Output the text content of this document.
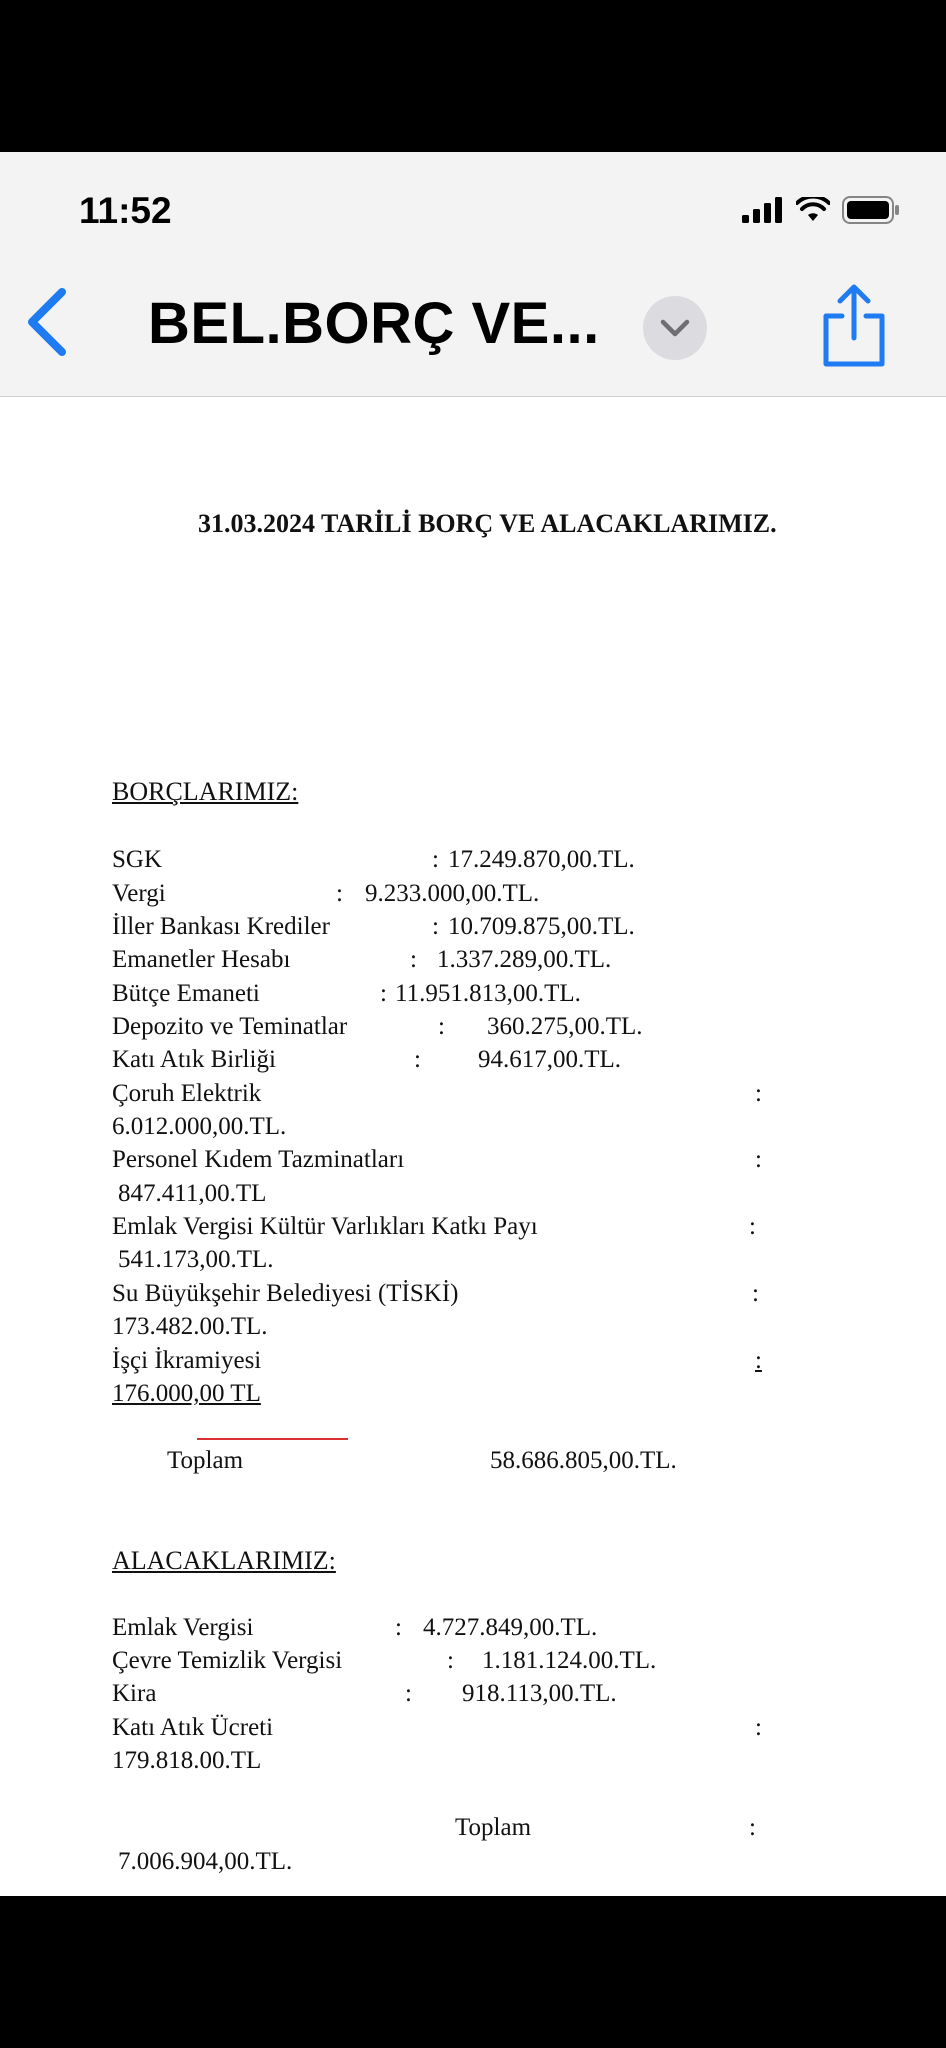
11:52
BEL.BORÇ VE...
31.03.2024 TARİLİ BORÇ VE ALACAKLARIMIZ.
BORÇLARIMIZ:
SGK	: 17.249.870,00.TL.
Vergi	: 9.233.000,00.TL.
İller Bankası Krediler	: 10.709.875,00.TL.
Emanetler Hesabı	: 1.337.289,00.TL.
Bütçe Emaneti	: 11.951.813,00.TL.
Depozito ve Teminatlar	: 360.275,00.TL.
Katı Atık Birliği	: 94.617,00.TL.
Çoruh Elektrik	:
6.012.000,00.TL.
Personel Kıdem Tazminatları	:
847.411,00.TL
Emlak Vergisi Kültür Varlıkları Katkı Payı	:
541.173,00.TL.
Su Büyükşehir Belediyesi (TİSKİ)	:
173.482.00.TL.
İşçi İkramiyesi	:
176.000,00 TL
Toplam	58.686.805,00.TL.
ALACAKLARIMIZ:
Emlak Vergisi	: 4.727.849,00.TL.
Çevre Temizlik Vergisi	: 1.181.124.00.TL.
Kira	: 918.113,00.TL.
Katı Atık Ücreti	:
179.818.00.TL
Toplam	:
7.006.904,00.TL.
